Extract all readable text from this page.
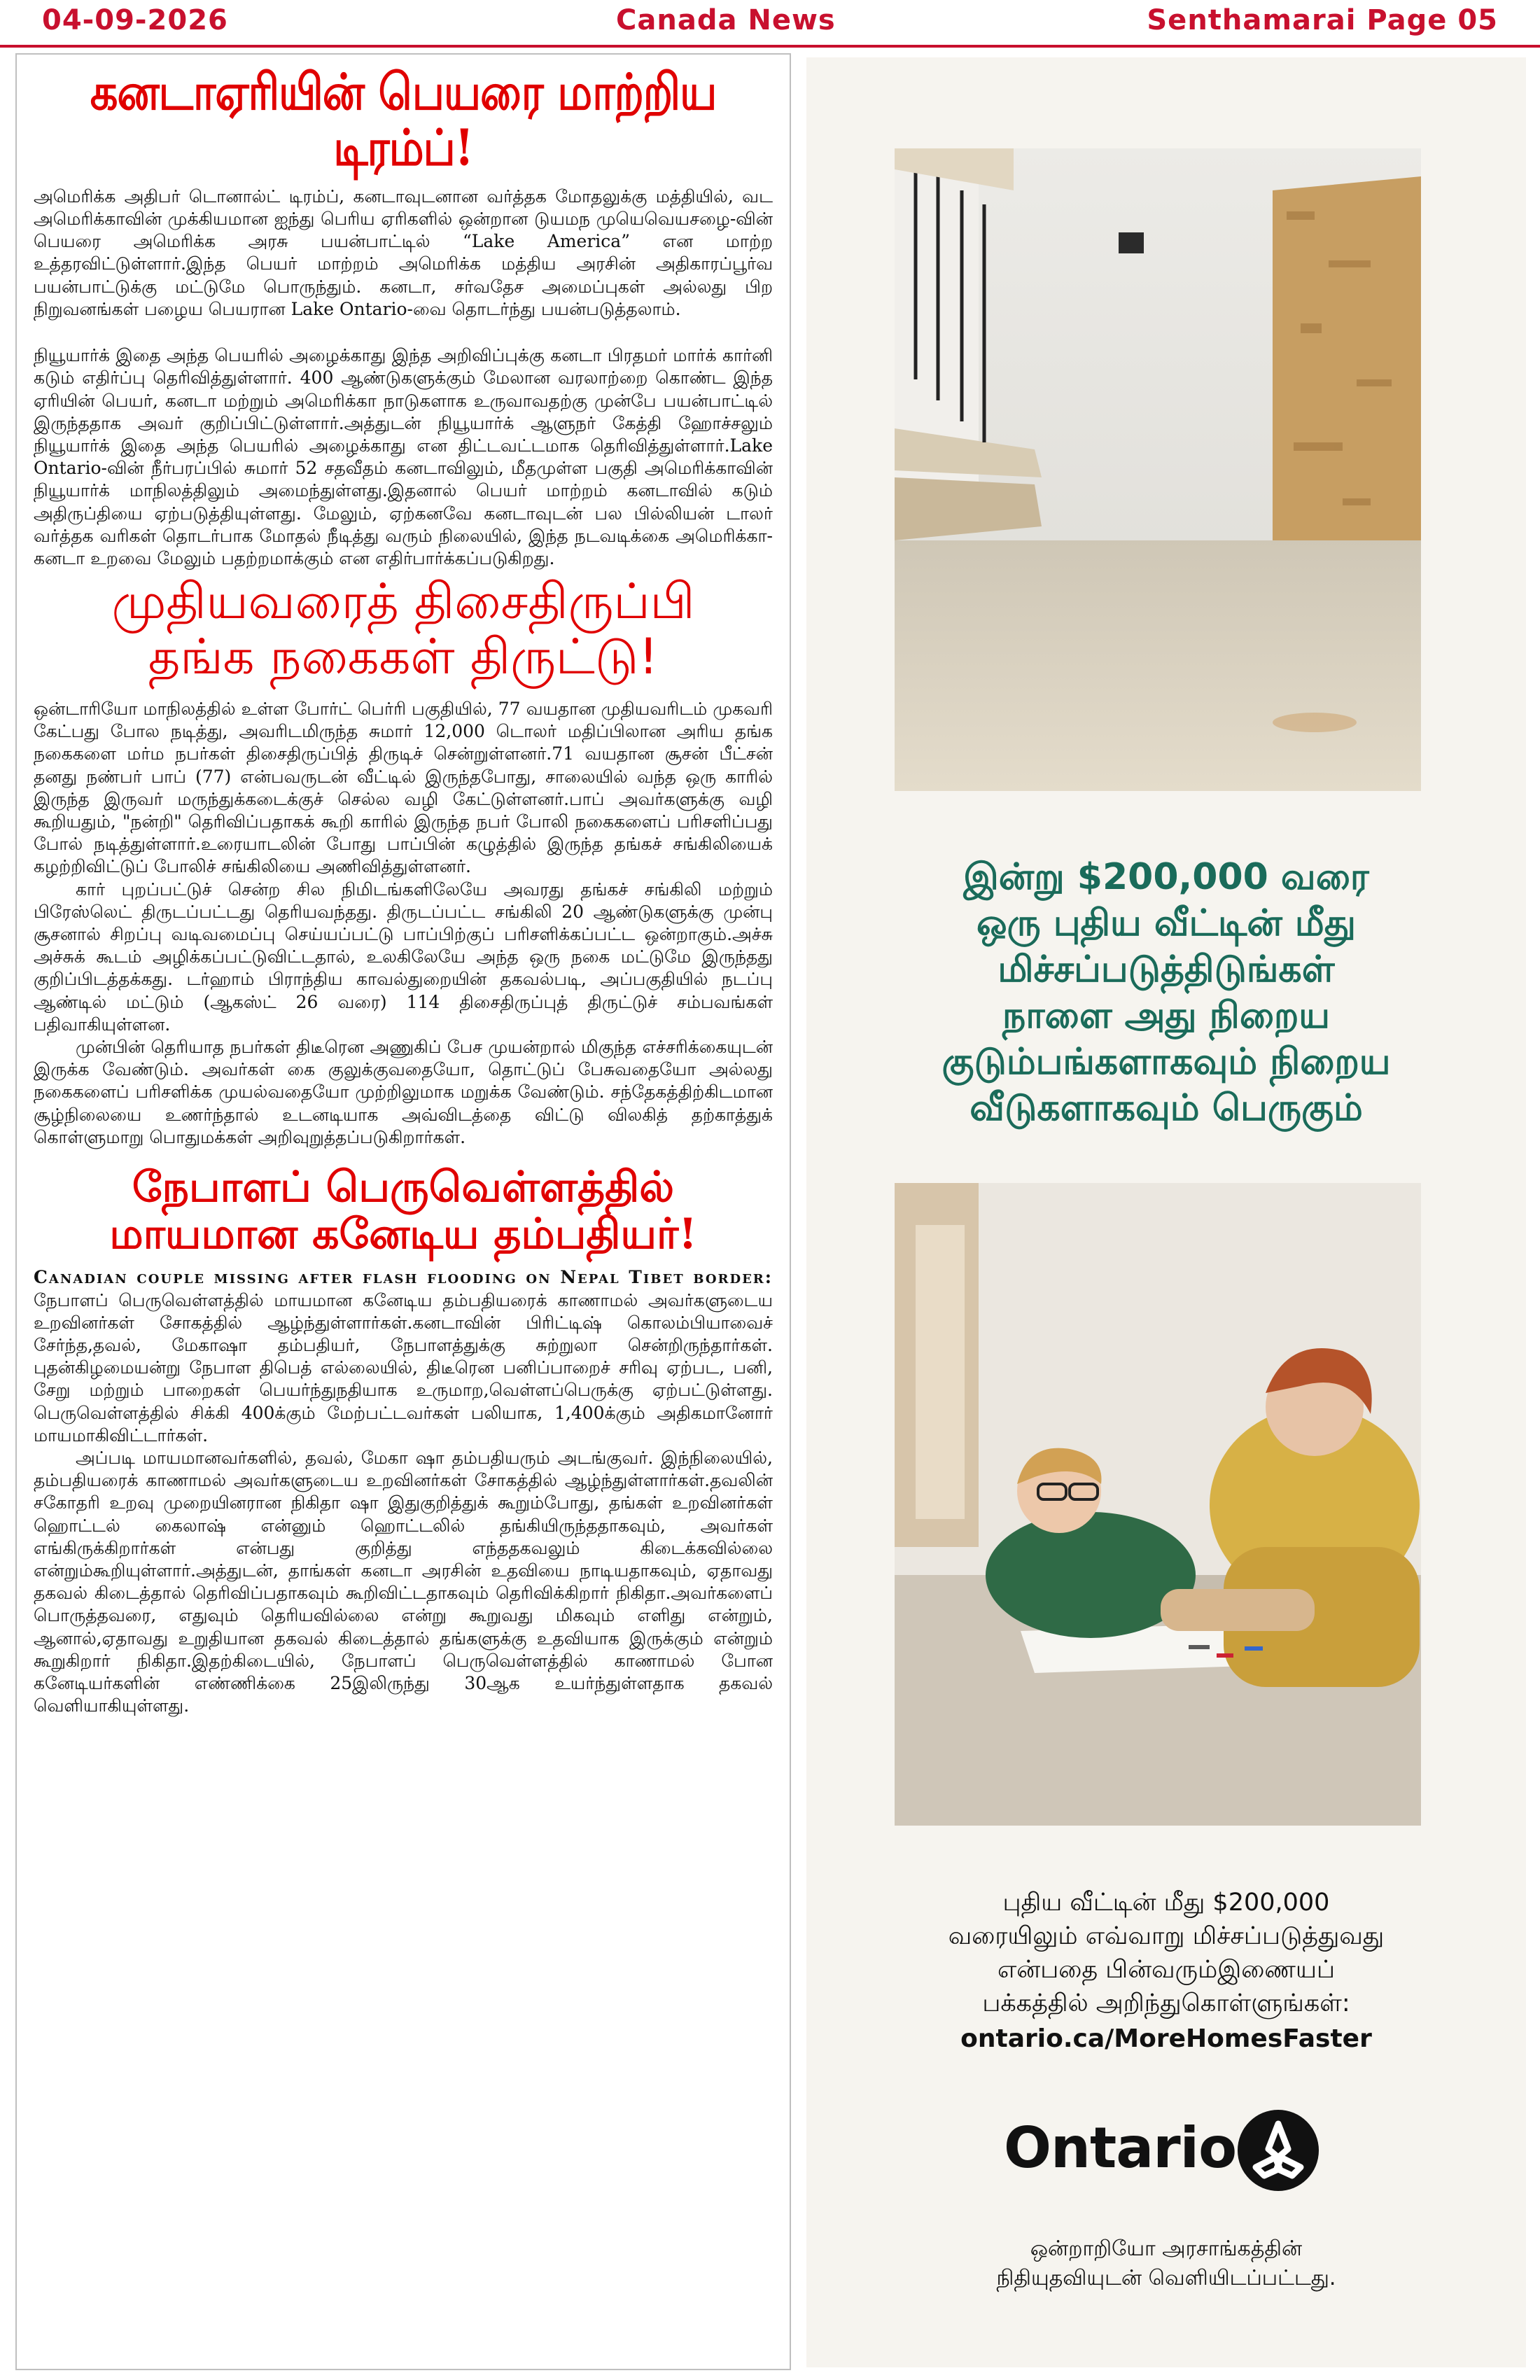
04-09-2026	Canada News	Senthamarai Page 05
கனடாஏரியின் பெயரை மாற்றிய டிரம்ப்!

அமெரிக்க அதிபர் டொனால்ட் டிரம்ப், கனடாவுடனான வர்த்தக மோதலுக்கு மத்தியில், வட அமெரிக்காவின் முக்கியமான ஐந்து பெரிய ஏரிகளில் ஒன்றான டுயமந முயெவெயசழை-வின் பெயரை அமெரிக்க அரசு பயன்பாட்டில் “Lake America” என மாற்ற உத்தரவிட்டுள்ளார்.இந்த பெயர் மாற்றம் அமெரிக்க மத்திய அரசின் அதிகாரப்பூர்வ பயன்பாட்டுக்கு மட்டுமே பொருந்தும். கனடா, சர்வதேச அமைப்புகள் அல்லது பிற நிறுவனங்கள் பழைய பெயரான Lake Ontario-வை தொடர்ந்து பயன்படுத்தலாம்.

நியூயார்க் இதை அந்த பெயரில் அழைக்காது இந்த அறிவிப்புக்கு கனடா பிரதமர் மார்க் கார்னி கடும் எதிர்ப்பு தெரிவித்துள்ளார். 400 ஆண்டுகளுக்கும் மேலான வரலாற்றை கொண்ட இந்த ஏரியின் பெயர், கனடா மற்றும் அமெரிக்கா நாடுகளாக உருவாவதற்கு முன்பே பயன்பாட்டில் இருந்ததாக அவர் குறிப்பிட்டுள்ளார்.அத்துடன் நியூயார்க் ஆளுநர் கேத்தி ஹோச்சலும் நியூயார்க் இதை அந்த பெயரில் அழைக்காது என திட்டவட்டமாக தெரிவித்துள்ளார்.Lake Ontario-வின் நீர்பரப்பில் சுமார் 52 சதவீதம் கனடாவிலும், மீதமுள்ள பகுதி அமெரிக்காவின் நியூயார்க் மாநிலத்திலும் அமைந்துள்ளது.இதனால் பெயர் மாற்றம் கனடாவில் கடும் அதிருப்தியை ஏற்படுத்தியுள்ளது. மேலும், ஏற்கனவே கனடாவுடன் பல பில்லியன் டாலர் வர்த்தக வரிகள் தொடர்பாக மோதல் நீடித்து வரும் நிலையில், இந்த நடவடிக்கை அமெரிக்கா-கனடா உறவை மேலும் பதற்றமாக்கும் என எதிர்பார்க்கப்படுகிறது.

முதியவரைத் திசைதிருப்பி
தங்க நகைகள் திருட்டு!

ஒன்டாரியோ மாநிலத்தில் உள்ள போர்ட் பெர்ரி பகுதியில், 77 வயதான முதியவரிடம் முகவரி கேட்பது போல நடித்து, அவரிடமிருந்த சுமார் 12,000 டொலர் மதிப்பிலான அரிய தங்க நகைகளை மர்ம நபர்கள் திசைதிருப்பித் திருடிச் சென்றுள்ளனர்.71 வயதான சூசன் பீட்சன் தனது நண்பர் பாப் (77) என்பவருடன் வீட்டில் இருந்தபோது, சாலையில் வந்த ஒரு காரில் இருந்த இருவர் மருந்துக்கடைக்குச் செல்ல வழி கேட்டுள்ளனர்.பாப் அவர்களுக்கு வழி கூறியதும், "நன்றி" தெரிவிப்பதாகக் கூறி காரில் இருந்த நபர் போலி நகைகளைப் பரிசளிப்பது போல் நடித்துள்ளார்.உரையாடலின் போது பாப்பின் கழுத்தில் இருந்த தங்கச் சங்கிலியைக் கழற்றிவிட்டுப் போலிச் சங்கிலியை அணிவித்துள்ளனர்.

கார் புறப்பட்டுச் சென்ற சில நிமிடங்களிலேயே அவரது தங்கச் சங்கிலி மற்றும் பிரேஸ்லெட் திருடப்பட்டது தெரியவந்தது. திருடப்பட்ட சங்கிலி 20 ஆண்டுகளுக்கு முன்பு சூசனால் சிறப்பு வடிவமைப்பு செய்யப்பட்டு பாப்பிற்குப் பரிசளிக்கப்பட்ட ஒன்றாகும்.அச்சு அச்சுக் கூடம் அழிக்கப்பட்டுவிட்டதால், உலகிலேயே அந்த ஒரு நகை மட்டுமே இருந்தது குறிப்பிடத்தக்கது. டர்ஹாம் பிராந்திய காவல்துறையின் தகவல்படி, அப்பகுதியில் நடப்பு ஆண்டில் மட்டும் (ஆகஸ்ட் 26 வரை) 114 திசைதிருப்புத் திருட்டுச் சம்பவங்கள் பதிவாகியுள்ளன.

முன்பின் தெரியாத நபர்கள் திடீரென அணுகிப் பேச முயன்றால் மிகுந்த எச்சரிக்கையுடன் இருக்க வேண்டும். அவர்கள் கை குலுக்குவதையோ, தொட்டுப் பேசுவதையோ அல்லது நகைகளைப் பரிசளிக்க முயல்வதையோ முற்றிலுமாக மறுக்க வேண்டும். சந்தேகத்திற்கிடமான சூழ்நிலையை உணர்ந்தால் உடனடியாக அவ்விடத்தை விட்டு விலகித் தற்காத்துக் கொள்ளுமாறு பொதுமக்கள் அறிவுறுத்தப்படுகிறார்கள்.

நேபாளப் பெருவெள்ளத்தில்
மாயமான கனேடிய தம்பதியர்!

Canadian couple missing after flash flooding on Nepal Tibet border: நேபாளப் பெருவெள்ளத்தில் மாயமான கனேடிய தம்பதியரைக் காணாமல் அவர்களுடைய உறவினர்கள் சோகத்தில் ஆழ்ந்துள்ளார்கள்.கனடாவின் பிரிட்டிஷ் கொலம்பியாவைச் சேர்ந்த,தவல், மேகாஷா தம்பதியர், நேபாளத்துக்கு சுற்றுலா சென்றிருந்தார்கள். புதன்கிழமையன்று நேபாள திபெத் எல்லையில், திடீரென பனிப்பாறைச் சரிவு ஏற்பட, பனி, சேறு மற்றும் பாறைகள் பெயர்ந்துநதியாக உருமாற,வெள்ளப்பெருக்கு ஏற்பட்டுள்ளது. பெருவெள்ளத்தில் சிக்கி 400க்கும் மேற்பட்டவர்கள் பலியாக, 1,400க்கும் அதிகமானோர் மாயமாகிவிட்டார்கள்.

அப்படி மாயமானவர்களில், தவல், மேகா ஷா தம்பதியரும் அடங்குவர். இந்நிலையில், தம்பதியரைக் காணாமல் அவர்களுடைய உறவினர்கள் சோகத்தில் ஆழ்ந்துள்ளார்கள்.தவலின் சகோதரி உறவு முறையினரான நிகிதா ஷா இதுகுறித்துக் கூறும்போது, தங்கள் உறவினர்கள் ஹொட்டல் கைலாஷ் என்னும் ஹொட்டலில் தங்கியிருந்ததாகவும், அவர்கள் எங்கிருக்கிறார்கள் என்பது குறித்து எந்ததகவலும் கிடைக்கவில்லை என்றும்கூறியுள்ளார்.அத்துடன், தாங்கள் கனடா அரசின் உதவியை நாடியதாகவும், ஏதாவது தகவல் கிடைத்தால் தெரிவிப்பதாகவும் கூறிவிட்டதாகவும் தெரிவிக்கிறார் நிகிதா.அவர்களைப் பொருத்தவரை, எதுவும் தெரியவில்லை என்று கூறுவது மிகவும் எளிது என்றும், ஆனால்,ஏதாவது உறுதியான தகவல் கிடைத்தால் தங்களுக்கு உதவியாக இருக்கும் என்றும் கூறுகிறார் நிகிதா.இதற்கிடையில், நேபாளப் பெருவெள்ளத்தில் காணாமல் போன கனேடியர்களின் எண்ணிக்கை 25இலிருந்து 30ஆக உயர்ந்துள்ளதாக தகவல் வெளியாகியுள்ளது.

இன்று $200,000 வரை
ஒரு புதிய வீட்டின் மீது
மிச்சப்படுத்திடுங்கள்
நாளை அது நிறைய
குடும்பங்களாகவும் நிறைய
வீடுகளாகவும் பெருகும்
புதிய வீட்டின் மீது $200,000
வரையிலும் எவ்வாறு மிச்சப்படுத்துவது
என்பதை பின்வரும்இணையப்
பக்கத்தில் அறிந்துகொள்ளுங்கள்:
ontario.ca/MoreHomesFaster
Ontario
ஒன்றாறியோ அரசாங்கத்தின்
நிதியுதவியுடன் வெளியிடப்பட்டது.
